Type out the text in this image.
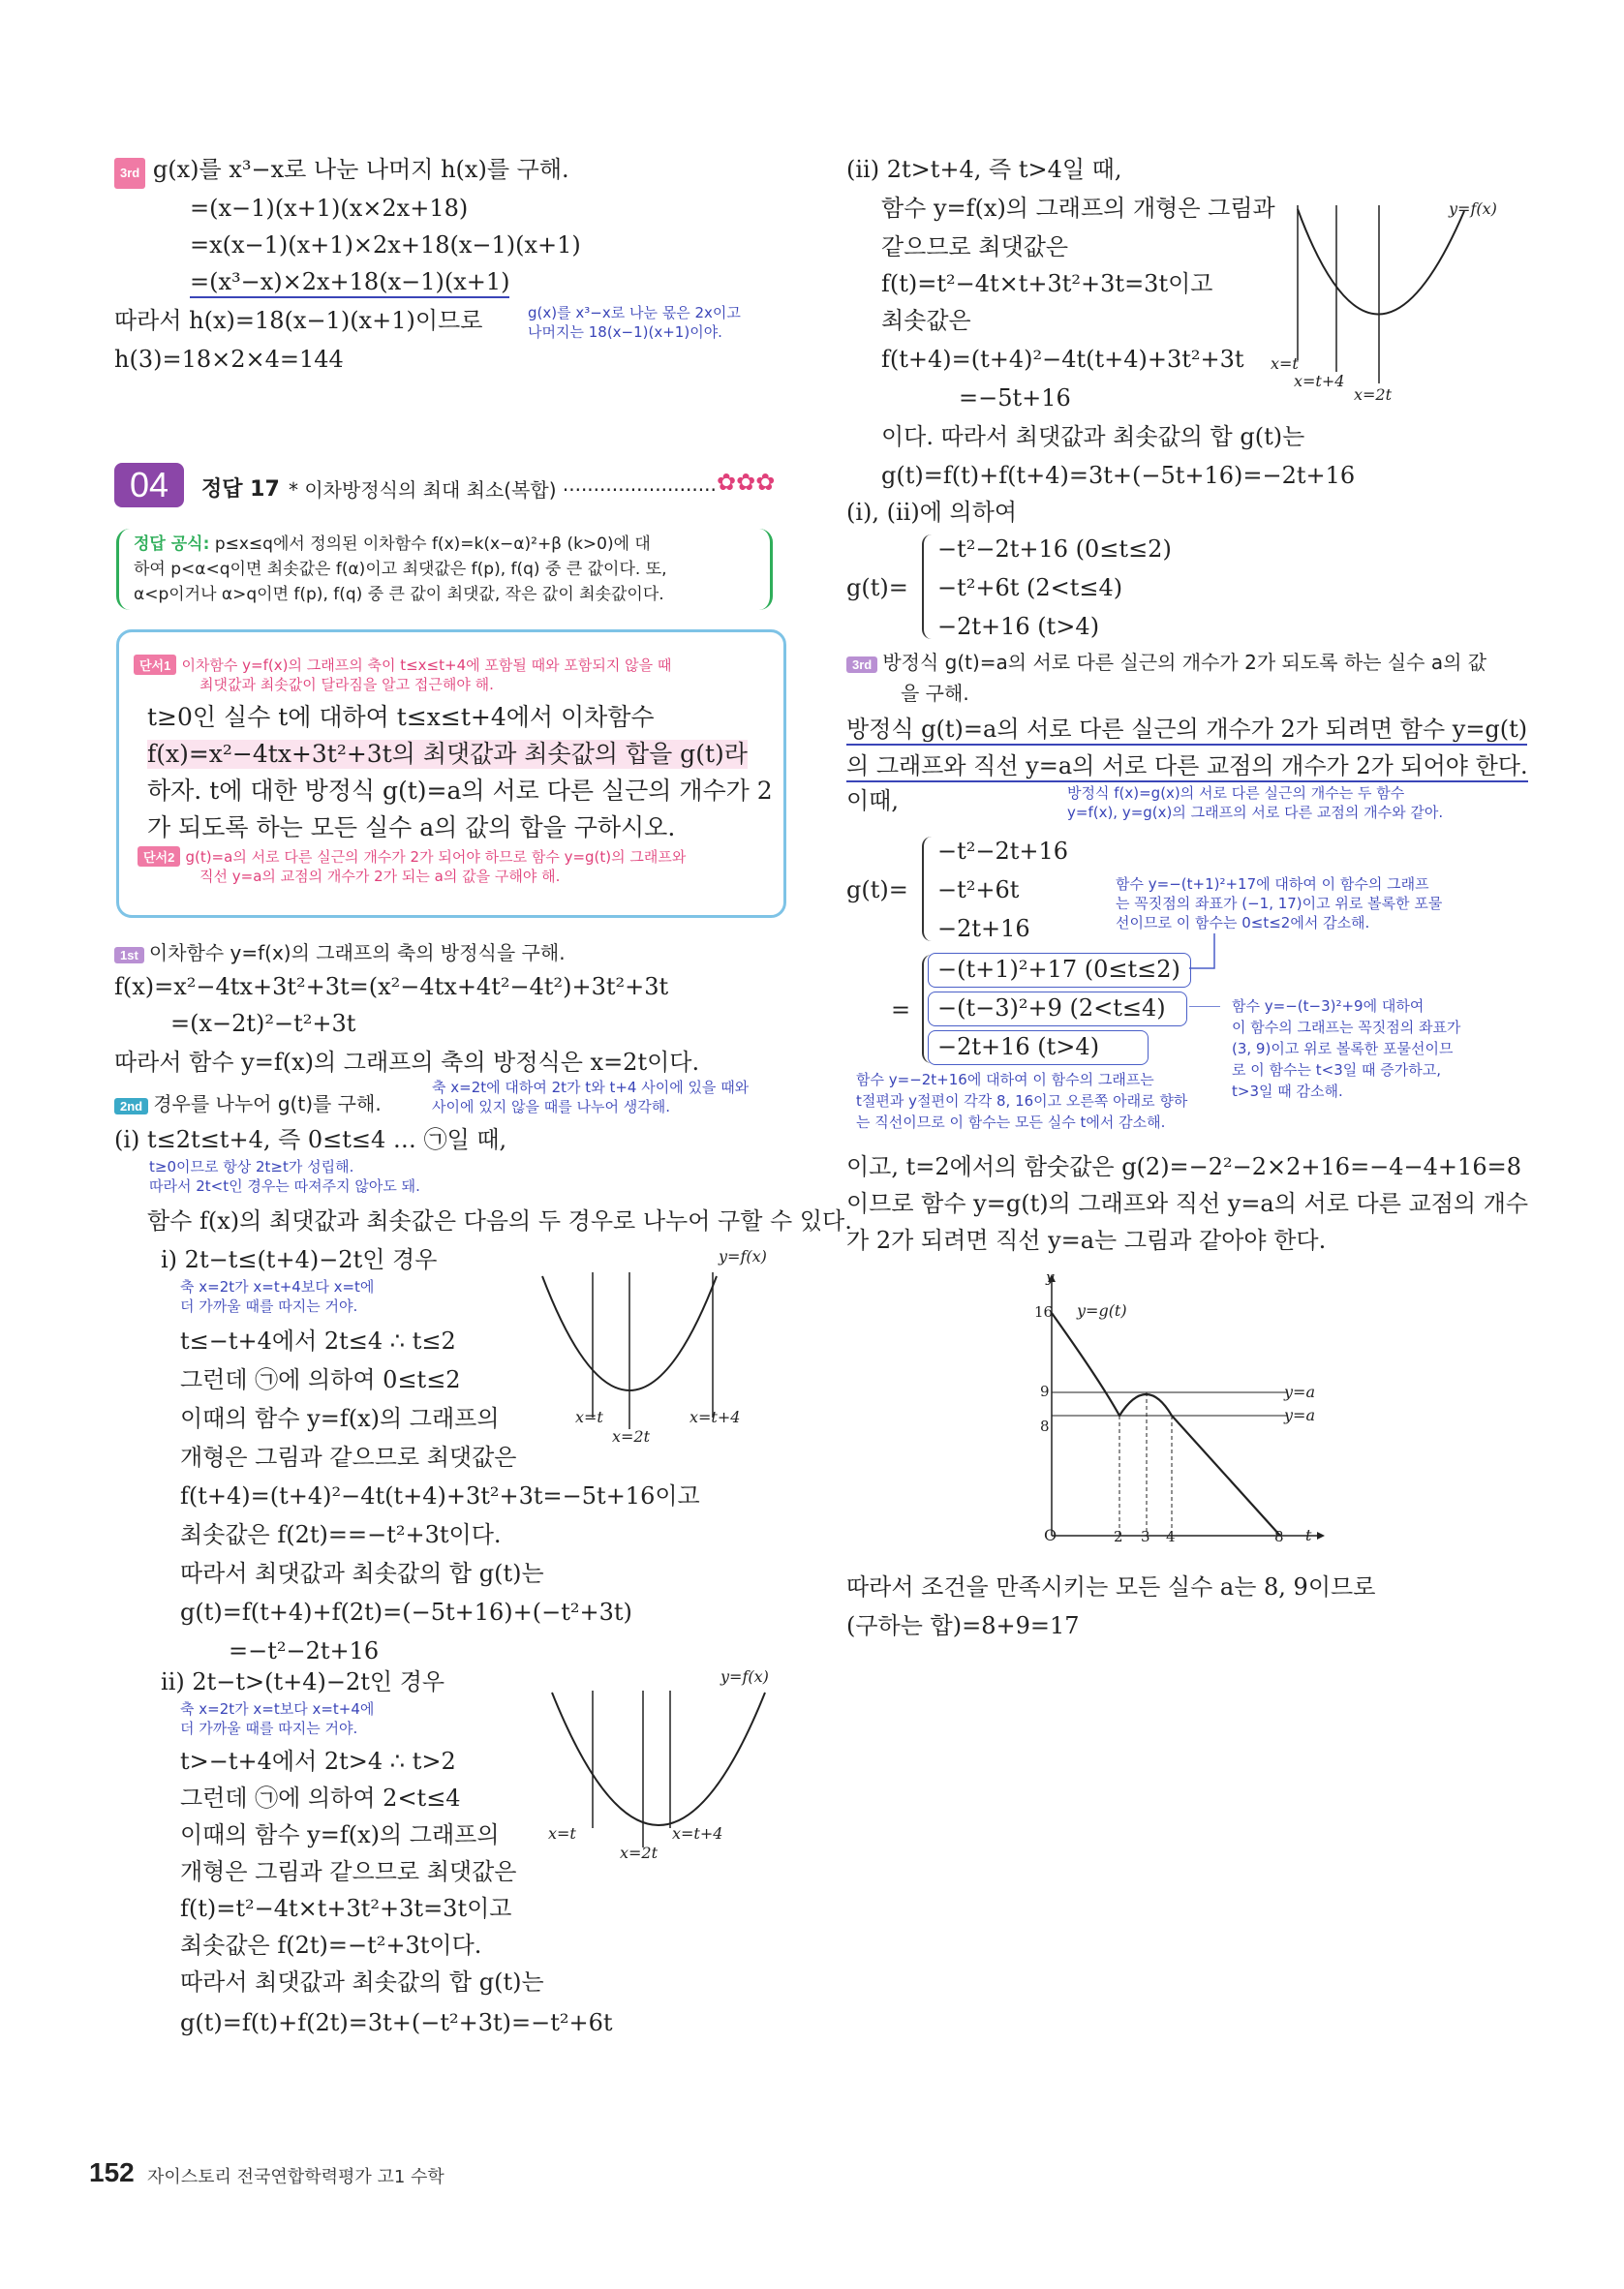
3rd g(x)를 x³−x로 나눈 나머지 h(x)를 구해.
=(x−1)(x+1)(x×2x+18)
=x(x−1)(x+1)×2x+18(x−1)(x+1)
=(x³−x)×2x+18(x−1)(x+1)
따라서 h(x)=18(x−1)(x+1)이므로
h(3)=18×2×4=144
g(x)를 x³−x로 나눈 몫은 2x이고
나머지는 18(x−1)(x+1)이야.
04	정답 17 * 이차방정식의 최대 최소(복합) ························· ✿✿✿
정답 공식: p≤x≤q에서 정의된 이차함수 f(x)=k(x−α)²+β (k>0)에 대
하여 p<α<q이면 최솟값은 f(α)이고 최댓값은 f(p), f(q) 중 큰 값이다. 또,
α<p이거나 α>q이면 f(p), f(q) 중 큰 값이 최댓값, 작은 값이 최솟값이다.
단서1 이차함수 y=f(x)의 그래프의 축이 t≤x≤t+4에 포함될 때와 포함되지 않을 때
최댓값과 최솟값이 달라짐을 알고 접근해야 해.
t≥0인 실수 t에 대하여 t≤x≤t+4에서 이차함수
f(x)=x²−4tx+3t²+3t의 최댓값과 최솟값의 합을 g(t)라
하자. t에 대한 방정식 g(t)=a의 서로 다른 실근의 개수가 2
가 되도록 하는 모든 실수 a의 값의 합을 구하시오.
단서2 g(t)=a의 서로 다른 실근의 개수가 2가 되어야 하므로 함수 y=g(t)의 그래프와
직선 y=a의 교점의 개수가 2가 되는 a의 값을 구해야 해.
1st 이차함수 y=f(x)의 그래프의 축의 방정식을 구해.
f(x)=x²−4tx+3t²+3t=(x²−4tx+4t²−4t²)+3t²+3t
=(x−2t)²−t²+3t
따라서 함수 y=f(x)의 그래프의 축의 방정식은 x=2t이다.
2nd 경우를 나누어 g(t)를 구해.
축 x=2t에 대하여 2t가 t와 t+4 사이에 있을 때와
사이에 있지 않을 때를 나누어 생각해.
(ⅰ) t≤2t≤t+4, 즉 0≤t≤4 … ㉠일 때,
t≥0이므로 항상 2t≥t가 성립해.
따라서 2t<t인 경우는 따져주지 않아도 돼.
함수 f(x)의 최댓값과 최솟값은 다음의 두 경우로 나누어 구할 수 있다.
ⅰ) 2t−t≤(t+4)−2t인 경우
축 x=2t가 x=t+4보다 x=t에
더 가까울 때를 따지는 거야.
t≤−t+4에서 2t≤4 ∴ t≤2
그런데 ㉠에 의하여 0≤t≤2
이때의 함수 y=f(x)의 그래프의
개형은 그림과 같으므로 최댓값은
f(t+4)=(t+4)²−4t(t+4)+3t²+3t=−5t+16이고
최솟값은 f(2t)==−t²+3t이다.
따라서 최댓값과 최솟값의 합 g(t)는
g(t)=f(t+4)+f(2t)=(−5t+16)+(−t²+3t)
=−t²−2t+16
y=f(x)
x=t
x=2t
x=t+4
ⅱ) 2t−t>(t+4)−2t인 경우
축 x=2t가 x=t보다 x=t+4에
더 가까울 때를 따지는 거야.
t>−t+4에서 2t>4 ∴ t>2
그런데 ㉠에 의하여 2<t≤4
이때의 함수 y=f(x)의 그래프의
개형은 그림과 같으므로 최댓값은
f(t)=t²−4t×t+3t²+3t=3t이고
최솟값은 f(2t)=−t²+3t이다.
따라서 최댓값과 최솟값의 합 g(t)는
g(t)=f(t)+f(2t)=3t+(−t²+3t)=−t²+6t
y=f(x)
x=t
x=2t
x=t+4
(ⅱ) 2t>t+4, 즉 t>4일 때,
함수 y=f(x)의 그래프의 개형은 그림과
같으므로 최댓값은
f(t)=t²−4t×t+3t²+3t=3t이고
최솟값은
f(t+4)=(t+4)²−4t(t+4)+3t²+3t
=−5t+16
이다. 따라서 최댓값과 최솟값의 합 g(t)는
g(t)=f(t)+f(t+4)=3t+(−5t+16)=−2t+16
(ⅰ), (ⅱ)에 의하여
y=f(x)
x=t
x=t+4
x=2t
g(t)=
−t²−2t+16 (0≤t≤2)
−t²+6t (2<t≤4)
−2t+16 (t>4)
3rd 방정식 g(t)=a의 서로 다른 실근의 개수가 2가 되도록 하는 실수 a의 값
을 구해.
방정식 g(t)=a의 서로 다른 실근의 개수가 2가 되려면 함수 y=g(t)
의 그래프와 직선 y=a의 서로 다른 교점의 개수가 2가 되어야 한다.
이때,	방정식 f(x)=g(x)의 서로 다른 실근의 개수는 두 함수
y=f(x), y=g(x)의 그래프의 서로 다른 교점의 개수와 같아.
g(t)=
−t²−2t+16
−t²+6t
−2t+16
함수 y=−(t+1)²+17에 대하여 이 함수의 그래프
는 꼭짓점의 좌표가 (−1, 17)이고 위로 볼록한 포물
선이므로 이 함수는 0≤t≤2에서 감소해.
=
−(t+1)²+17 (0≤t≤2)
−(t−3)²+9 (2<t≤4)
−2t+16 (t>4)
함수 y=−(t−3)²+9에 대하여
이 함수의 그래프는 꼭짓점의 좌표가
(3, 9)이고 위로 볼록한 포물선이므
로 이 함수는 t<3일 때 증가하고,
t>3일 때 감소해.
함수 y=−2t+16에 대하여 이 함수의 그래프는
t절편과 y절편이 각각 8, 16이고 오른쪽 아래로 향하
는 직선이므로 이 함수는 모든 실수 t에서 감소해.
이고, t=2에서의 함숫값은 g(2)=−2²−2×2+16=−4−4+16=8
이므로 함수 y=g(t)의 그래프와 직선 y=a의 서로 다른 교점의 개수
가 2가 되려면 직선 y=a는 그림과 같아야 한다.
y
t
O
y=g(t)
y=a
y=a
16
9
8
2 3 4	8
따라서 조건을 만족시키는 모든 실수 a는 8, 9이므로
(구하는 합)=8+9=17
152 자이스토리 전국연합학력평가 고1 수학
